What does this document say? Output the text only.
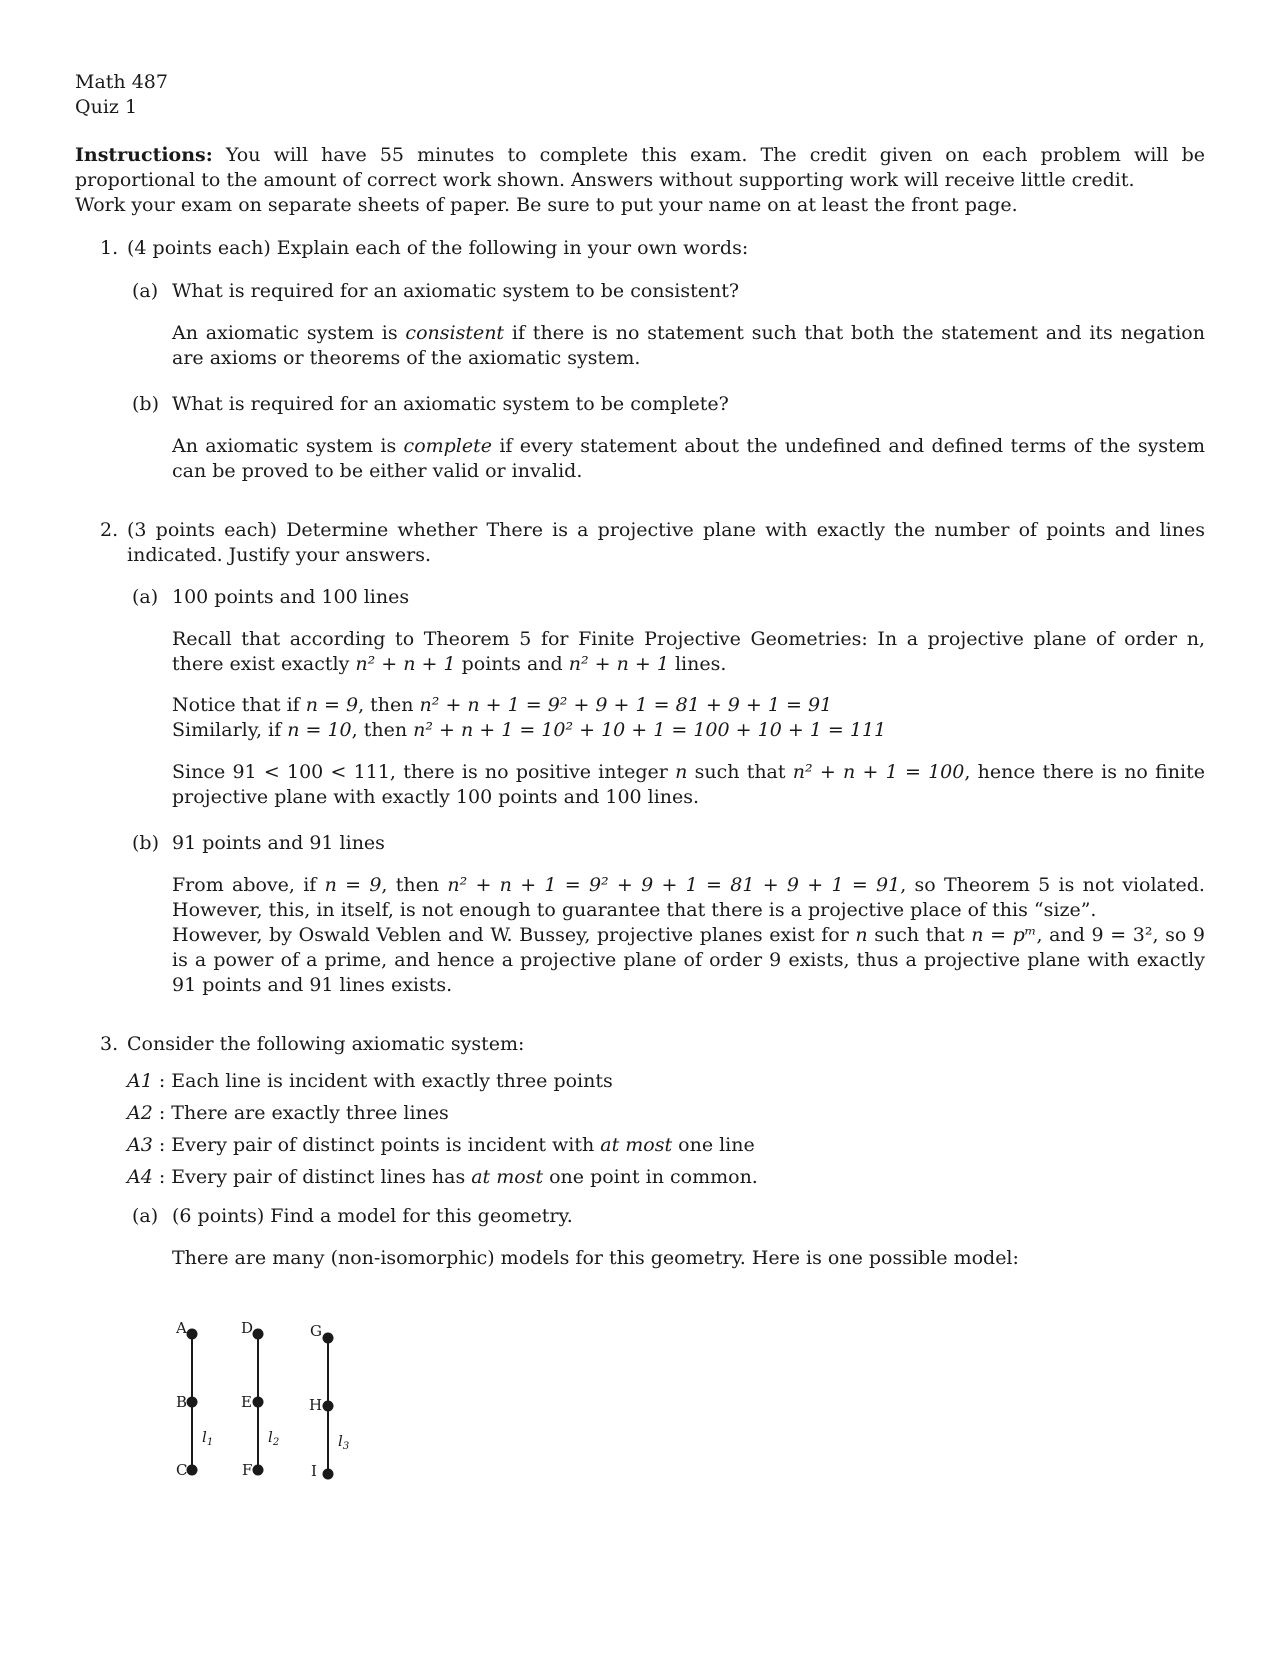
Math 487
Quiz 1

Instructions: You will have 55 minutes to complete this exam. The credit given on each problem will be proportional to the amount of correct work shown. Answers without supporting work will receive little credit.

Work your exam on separate sheets of paper. Be sure to put your name on at least the front page.

1. (4 points each) Explain each of the following in your own words:

(a) What is required for an axiomatic system to be consistent?

An axiomatic system is consistent if there is no statement such that both the statement and its negation are axioms or theorems of the axiomatic system.

(b) What is required for an axiomatic system to be complete?

An axiomatic system is complete if every statement about the undefined and defined terms of the system can be proved to be either valid or invalid.

2. (3 points each) Determine whether There is a projective plane with exactly the number of points and lines indicated. Justify your answers.

(a) 100 points and 100 lines

Recall that according to Theorem 5 for Finite Projective Geometries: In a projective plane of order n, there exist exactly n² + n + 1 points and n² + n + 1 lines.

Notice that if n = 9, then n² + n + 1 = 9² + 9 + 1 = 81 + 9 + 1 = 91

Similarly, if n = 10, then n² + n + 1 = 10² + 10 + 1 = 100 + 10 + 1 = 111

Since 91 < 100 < 111, there is no positive integer n such that n² + n + 1 = 100, hence there is no finite projective plane with exactly 100 points and 100 lines.

(b) 91 points and 91 lines

From above, if n = 9, then n² + n + 1 = 9² + 9 + 1 = 81 + 9 + 1 = 91, so Theorem 5 is not violated. However, this, in itself, is not enough to guarantee that there is a projective place of this “size”.

However, by Oswald Veblen and W. Bussey, projective planes exist for n such that n = pᵐ, and 9 = 3², so 9 is a power of a prime, and hence a projective plane of order 9 exists, thus a projective plane with exactly 91 points and 91 lines exists.

3. Consider the following axiomatic system:

A1 : Each line is incident with exactly three points
A2 : There are exactly three lines
A3 : Every pair of distinct points is incident with at most one line
A4 : Every pair of distinct lines has at most one point in common.
(a) (6 points) Find a model for this geometry.

There are many (non-isomorphic) models for this geometry. Here is one possible model:

A
B
C
D
E
F
G
H
I
$l_1$	$l_2$	$l_3$
